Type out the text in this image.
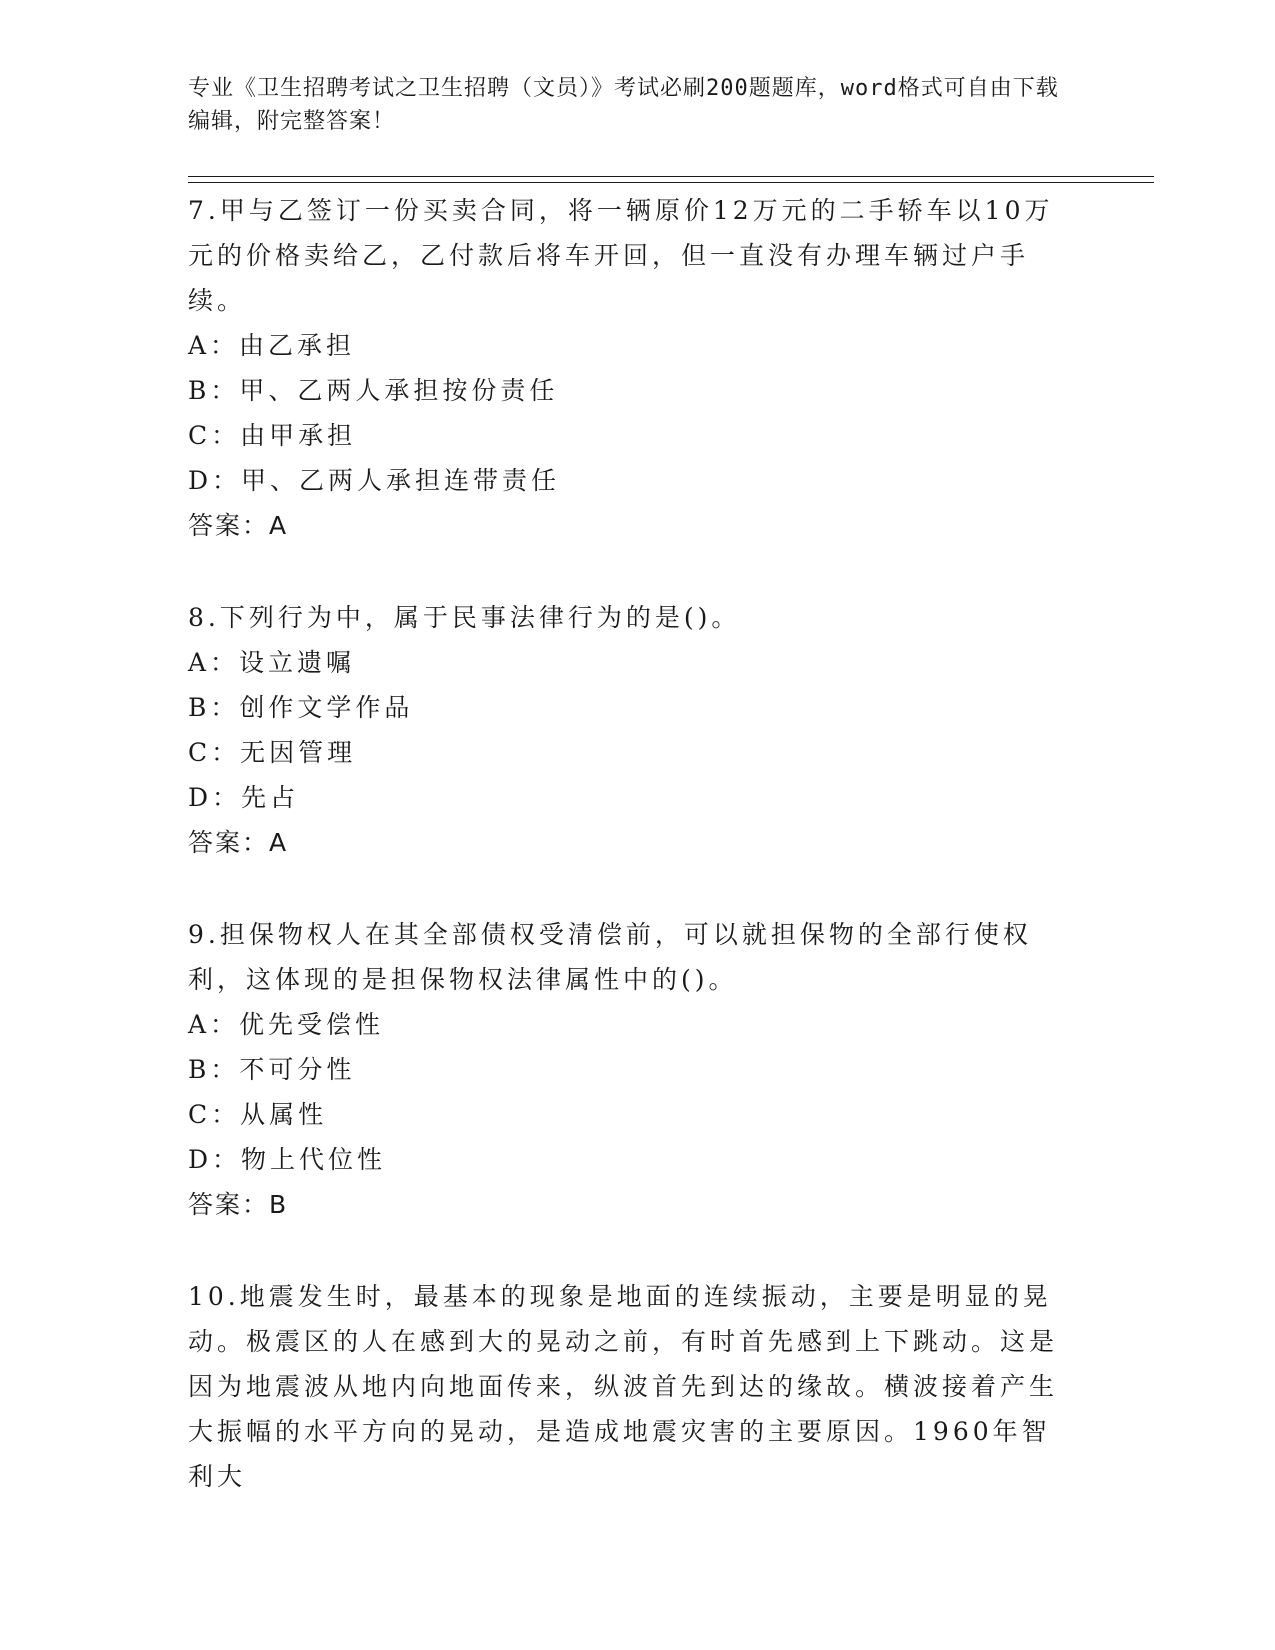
专业《卫生招聘考试之卫生招聘（文员）》考试必刷200题题库，word格式可自由下载编辑，附完整答案！

7.甲与乙签订一份买卖合同，将一辆原价12万元的二手轿车以10万元的价格卖给乙，乙付款后将车开回，但一直没有办理车辆过户手续。

A：由乙承担

B：甲、乙两人承担按份责任

C：由甲承担

D：甲、乙两人承担连带责任

答案：A

8.下列行为中，属于民事法律行为的是()。

A：设立遗嘱

B：创作文学作品

C：无因管理

D：先占

答案：A

9.担保物权人在其全部债权受清偿前，可以就担保物的全部行使权利，这体现的是担保物权法律属性中的()。

A：优先受偿性

B：不可分性

C：从属性

D：物上代位性

答案：B

10.地震发生时，最基本的现象是地面的连续振动，主要是明显的晃动。极震区的人在感到大的晃动之前，有时首先感到上下跳动。这是因为地震波从地内向地面传来，纵波首先到达的缘故。横波接着产生大振幅的水平方向的晃动，是造成地震灾害的主要原因。1960年智利大
